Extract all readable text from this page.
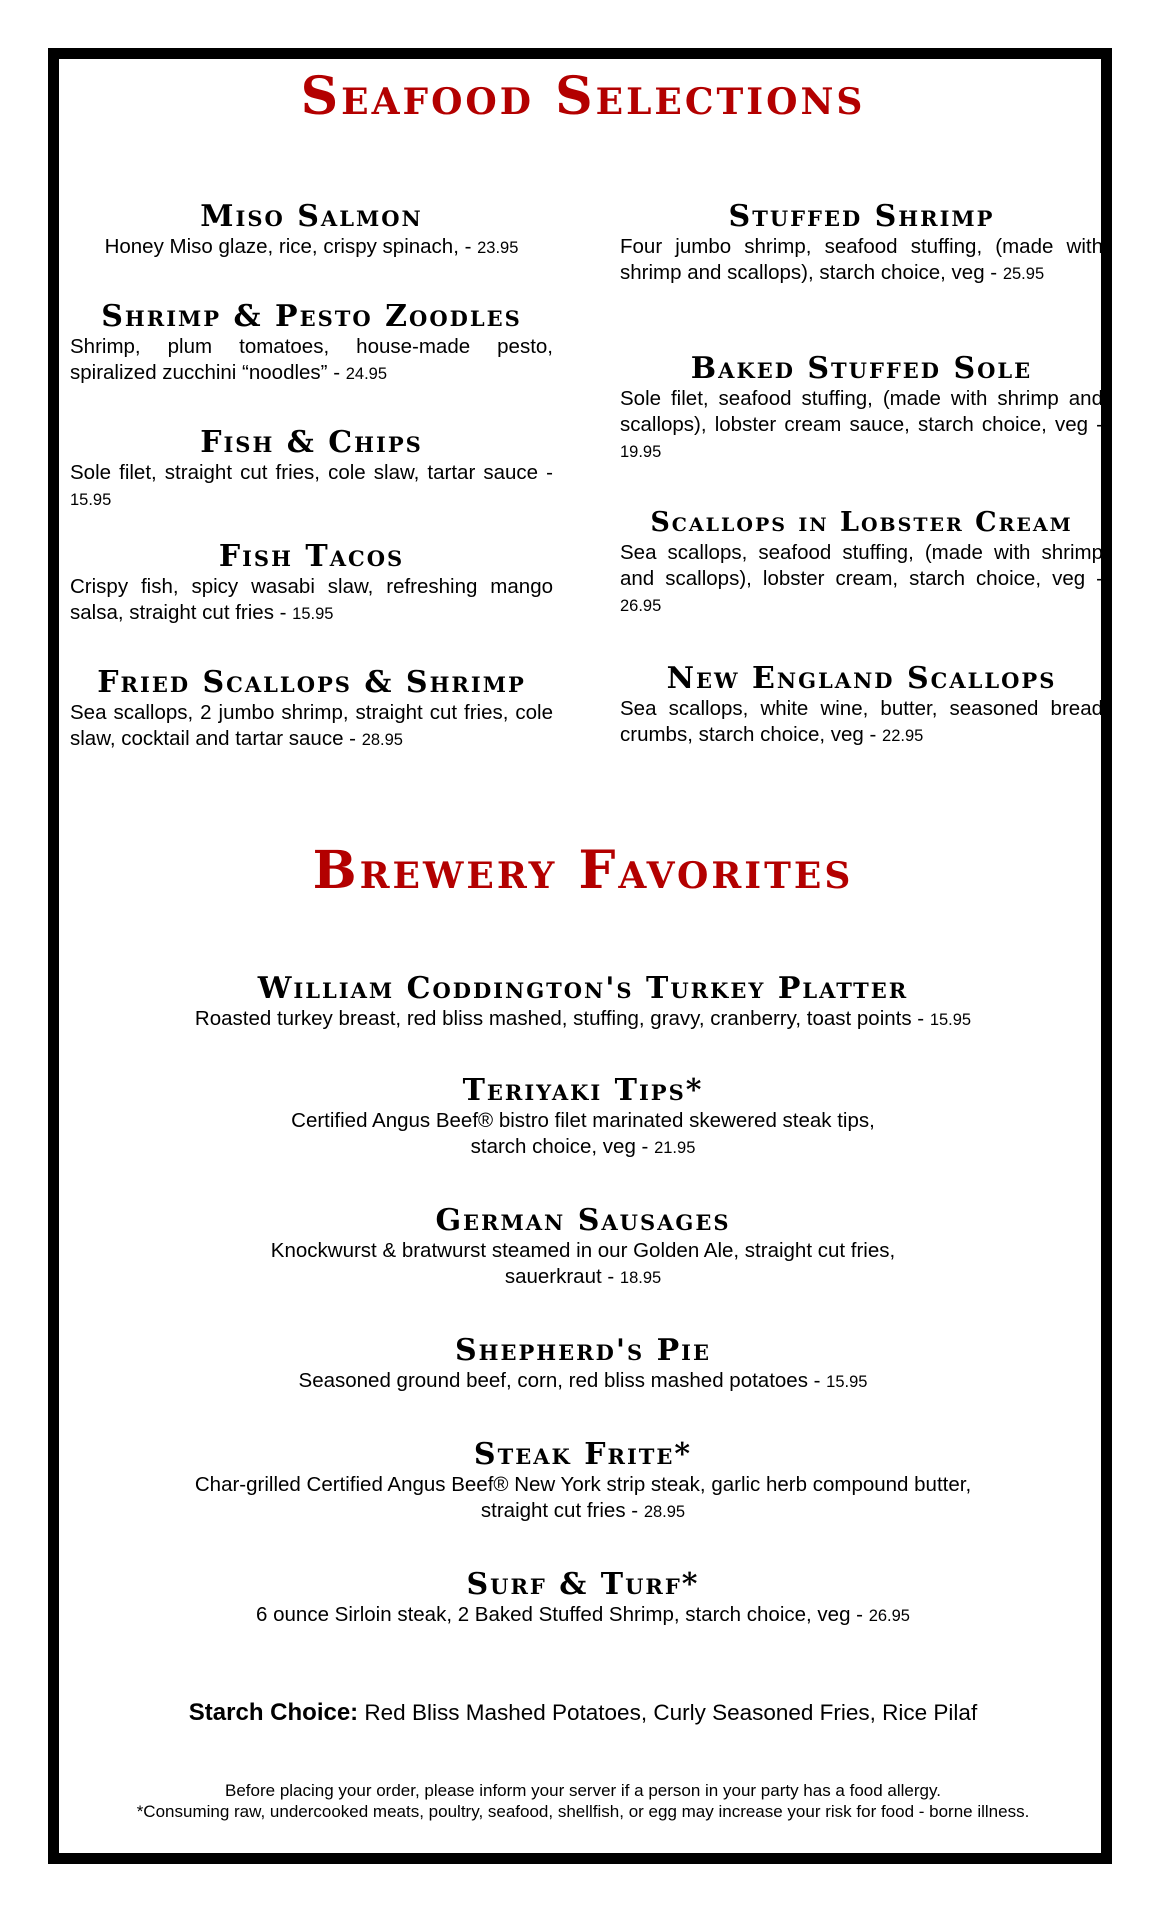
Seafood Selections
Miso Salmon
Honey Miso glaze, rice, crispy spinach, - 23.95
Shrimp & Pesto Zoodles
Shrimp, plum tomatoes, house-made pesto, spiralized zucchini “noodles” - 24.95
Fish & Chips
Sole filet, straight cut fries, cole slaw, tartar sauce - 15.95
Fish Tacos
Crispy fish, spicy wasabi slaw, refreshing mango salsa, straight cut fries - 15.95
Fried Scallops & Shrimp
Sea scallops, 2 jumbo shrimp, straight cut fries, cole slaw, cocktail and tartar sauce - 28.95
Stuffed Shrimp
Four jumbo shrimp, seafood stuffing, (made with shrimp and scallops), starch choice, veg - 25.95
Baked Stuffed Sole
Sole filet, seafood stuffing, (made with shrimp and scallops), lobster cream sauce, starch choice, veg - 19.95
Scallops in Lobster Cream
Sea scallops, seafood stuffing, (made with shrimp and scallops), lobster cream, starch choice, veg - 26.95
New England Scallops
Sea scallops, white wine, butter, seasoned bread crumbs, starch choice, veg - 22.95
Brewery Favorites
William Coddington's Turkey Platter
Roasted turkey breast, red bliss mashed, stuffing, gravy, cranberry, toast points - 15.95
Teriyaki Tips*
Certified Angus Beef® bistro filet marinated skewered steak tips,
starch choice, veg - 21.95
German Sausages
Knockwurst & bratwurst steamed in our Golden Ale, straight cut fries,
sauerkraut - 18.95
Shepherd's Pie
Seasoned ground beef, corn, red bliss mashed potatoes - 15.95
Steak Frite*
Char-grilled Certified Angus Beef® New York strip steak, garlic herb compound butter,
straight cut fries - 28.95
Surf & Turf*
6 ounce Sirloin steak, 2 Baked Stuffed Shrimp, starch choice, veg - 26.95
Starch Choice: Red Bliss Mashed Potatoes, Curly Seasoned Fries, Rice Pilaf
Before placing your order, please inform your server if a person in your party has a food allergy.
*Consuming raw, undercooked meats, poultry, seafood, shellfish, or egg may increase your risk for food - borne illness.
